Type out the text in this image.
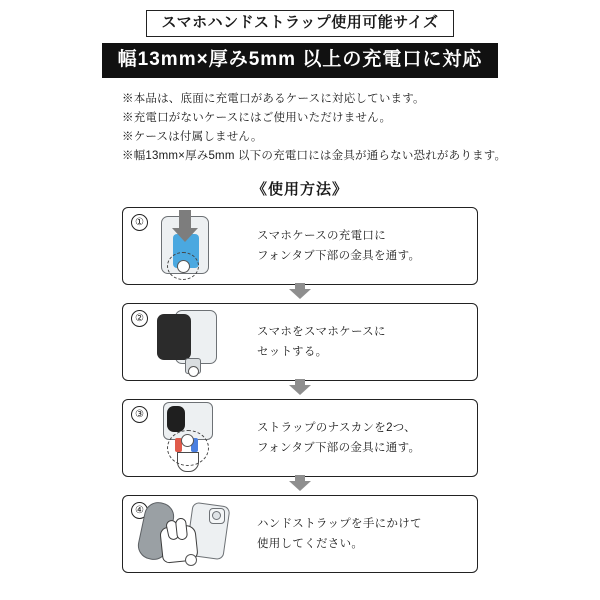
スマホハンドストラップ使用可能サイズ
幅13mm×厚み5mm 以上の充電口に対応
※本品は、底面に充電口があるケースに対応しています。
※充電口がないケースにはご使用いただけません。
※ケースは付属しません。
※幅13mm×厚み5mm 以下の充電口には金具が通らない恐れがあります。
《使用方法》
①
スマホケースの充電口に
フォンタブ下部の金具を通す。
②
スマホをスマホケースに
セットする。
③
ストラップのナスカンを2つ、
フォンタブ下部の金具に通す。
④
ハンドストラップを手にかけて
使用してください。
